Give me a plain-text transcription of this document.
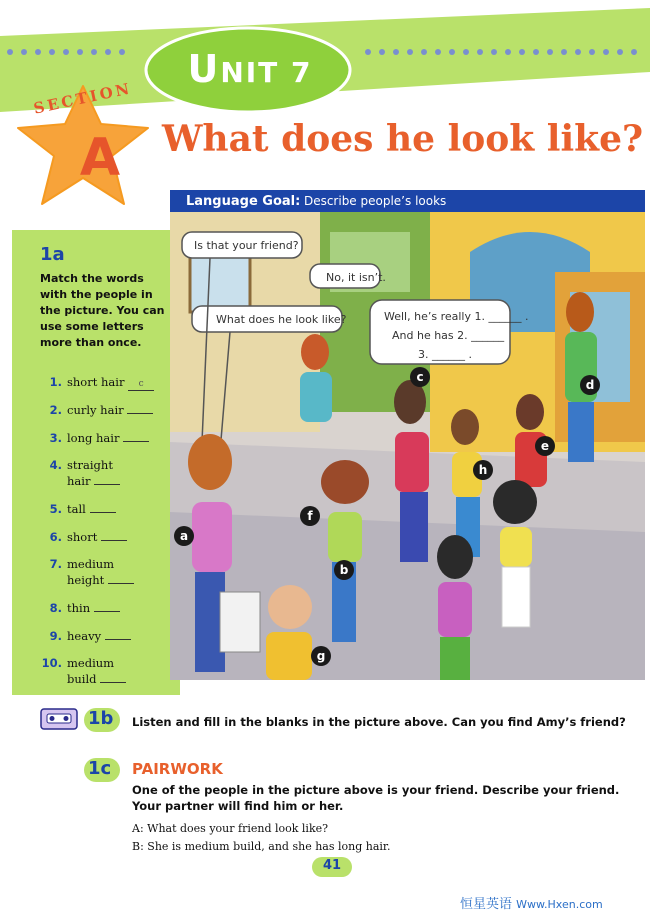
UNIT 7
SECTION
A What does he look like?
1a
Match the words with the people in the picture. You can use some letters more than once.
1. short hair c
2. curly hair
3. long hair
4. straight hair
5. tall
6. short
7. medium height
8. thin
9. heavy
10. medium build
Language Goal: Describe people’s looks
Is that your friend?
No, it isn’t.
What does he look like?	Well, he’s really 1. ______ .
And he has 2. ______
3. ______ .
a
b
c
d
e
f
g
h
1b Listen and fill in the blanks in the picture above. Can you find Amy’s friend?
1c PAIRWORK
One of the people in the picture above is your friend. Describe your friend. Your partner will find him or her.
A: What does your friend look like?
B: She is medium build, and she has long hair.
41
恒星英语 Www.Hxen.com
